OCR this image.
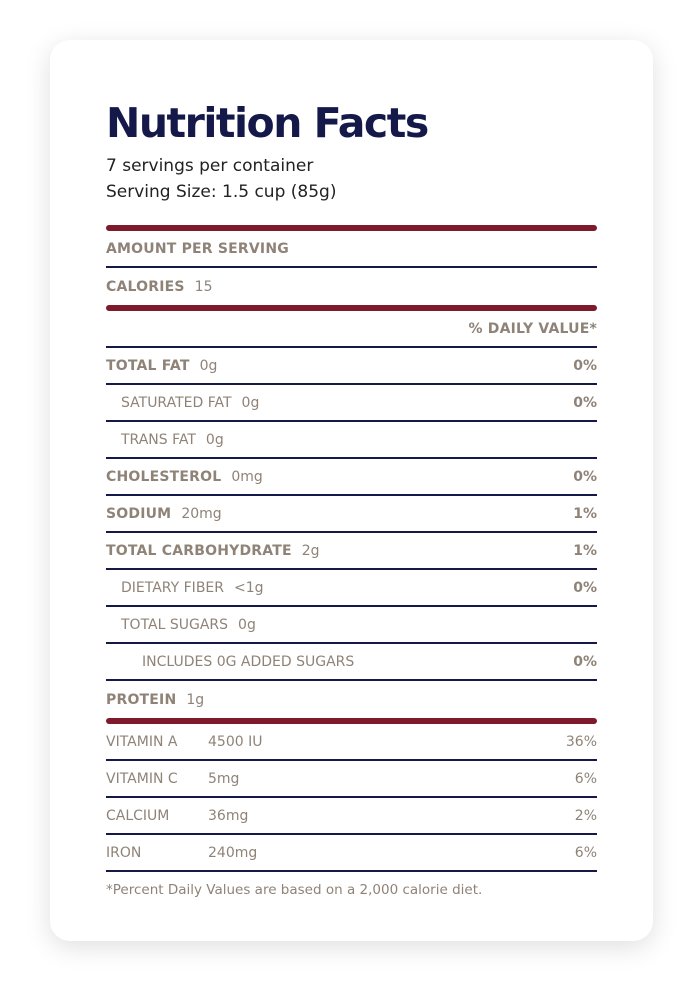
Nutrition Facts
7 servings per container
Serving Size: 1.5 cup (85g)
AMOUNT PER SERVING
CALORIES 15
% DAILY VALUE*
TOTAL FAT 0g	0%
SATURATED FAT 0g	0%
TRANS FAT 0g
CHOLESTEROL 0mg	0%
SODIUM 20mg	1%
TOTAL CARBOHYDRATE 2g	1%
DIETARY FIBER <1g	0%
TOTAL SUGARS 0g
INCLUDES 0G ADDED SUGARS	0%
PROTEIN 1g
VITAMIN A	4500 IU	36%
VITAMIN C	5mg	6%
CALCIUM	36mg	2%
IRON	240mg	6%
*Percent Daily Values are based on a 2,000 calorie diet.
